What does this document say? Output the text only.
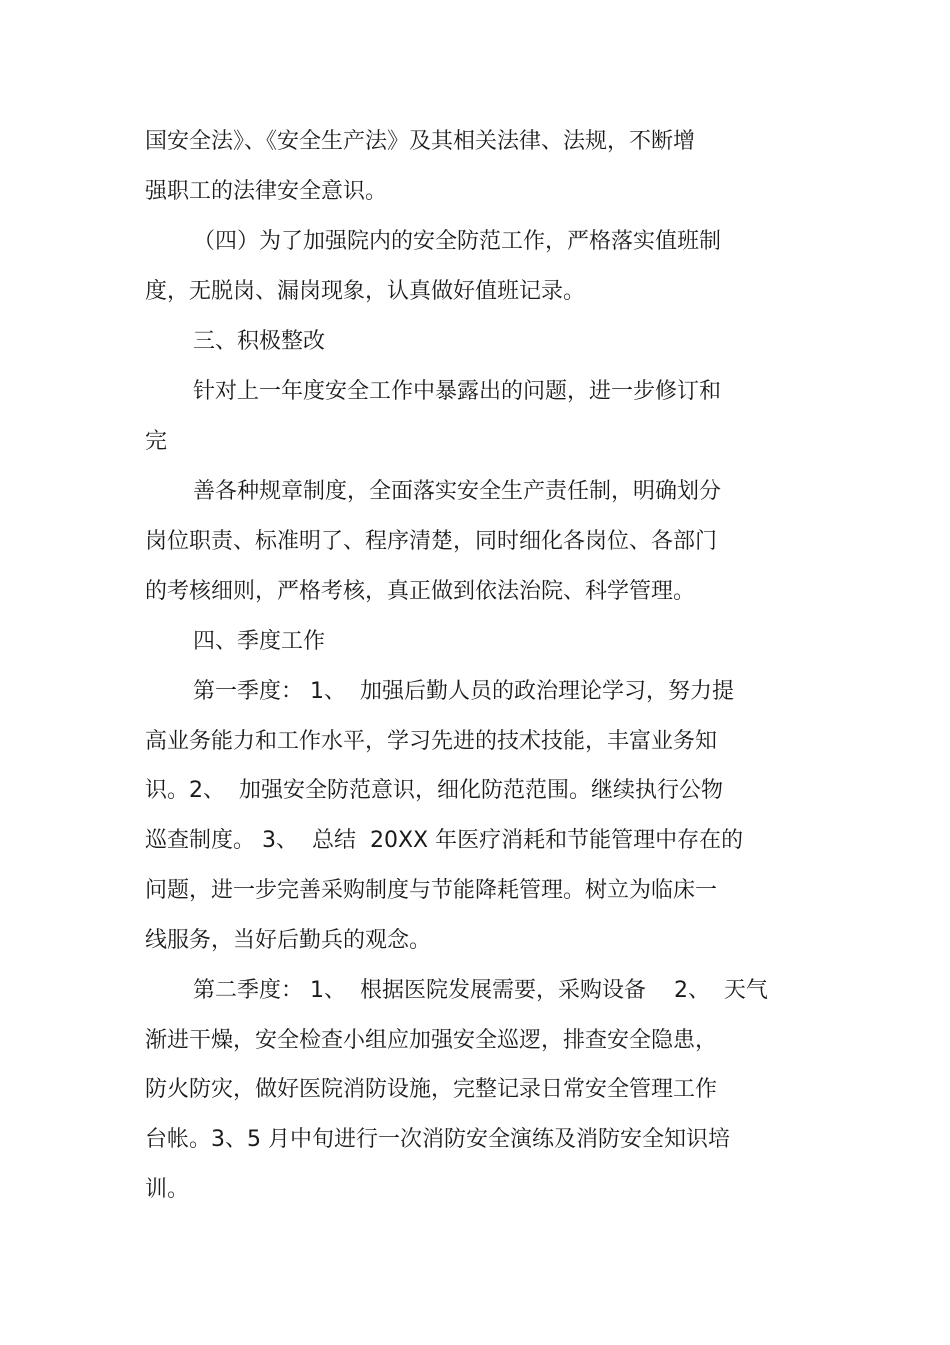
国安全法》、《安全生产法》及其相关法律、法规，不断增
强职工的法律安全意识。
（四）为了加强院内的安全防范工作，严格落实值班制
度，无脱岗、漏岗现象，认真做好值班记录。
三、积极整改
针对上一年度安全工作中暴露出的问题，进一步修订和
完
善各种规章制度，全面落实安全生产责任制，明确划分
岗位职责、标准明了、程序清楚，同时细化各岗位、各部门
的考核细则，严格考核，真正做到依法治院、科学管理。
四、季度工作
第一季度： 1、  加强后勤人员的政治理论学习，努力提
高业务能力和工作水平，学习先进的技术技能，丰富业务知
识。2、  加强安全防范意识，细化防范范围。继续执行公物
巡查制度。 3、  总结  20XX 年医疗消耗和节能管理中存在的
问题，进一步完善采购制度与节能降耗管理。树立为临床一
线服务，当好后勤兵的观念。
第二季度： 1、  根据医院发展需要，采购设备    2、  天气
渐进干燥，安全检查小组应加强安全巡逻，排查安全隐患，
防火防灾，做好医院消防设施，完整记录日常安全管理工作
台帐。3、5 月中旬进行一次消防安全演练及消防安全知识培
训。
